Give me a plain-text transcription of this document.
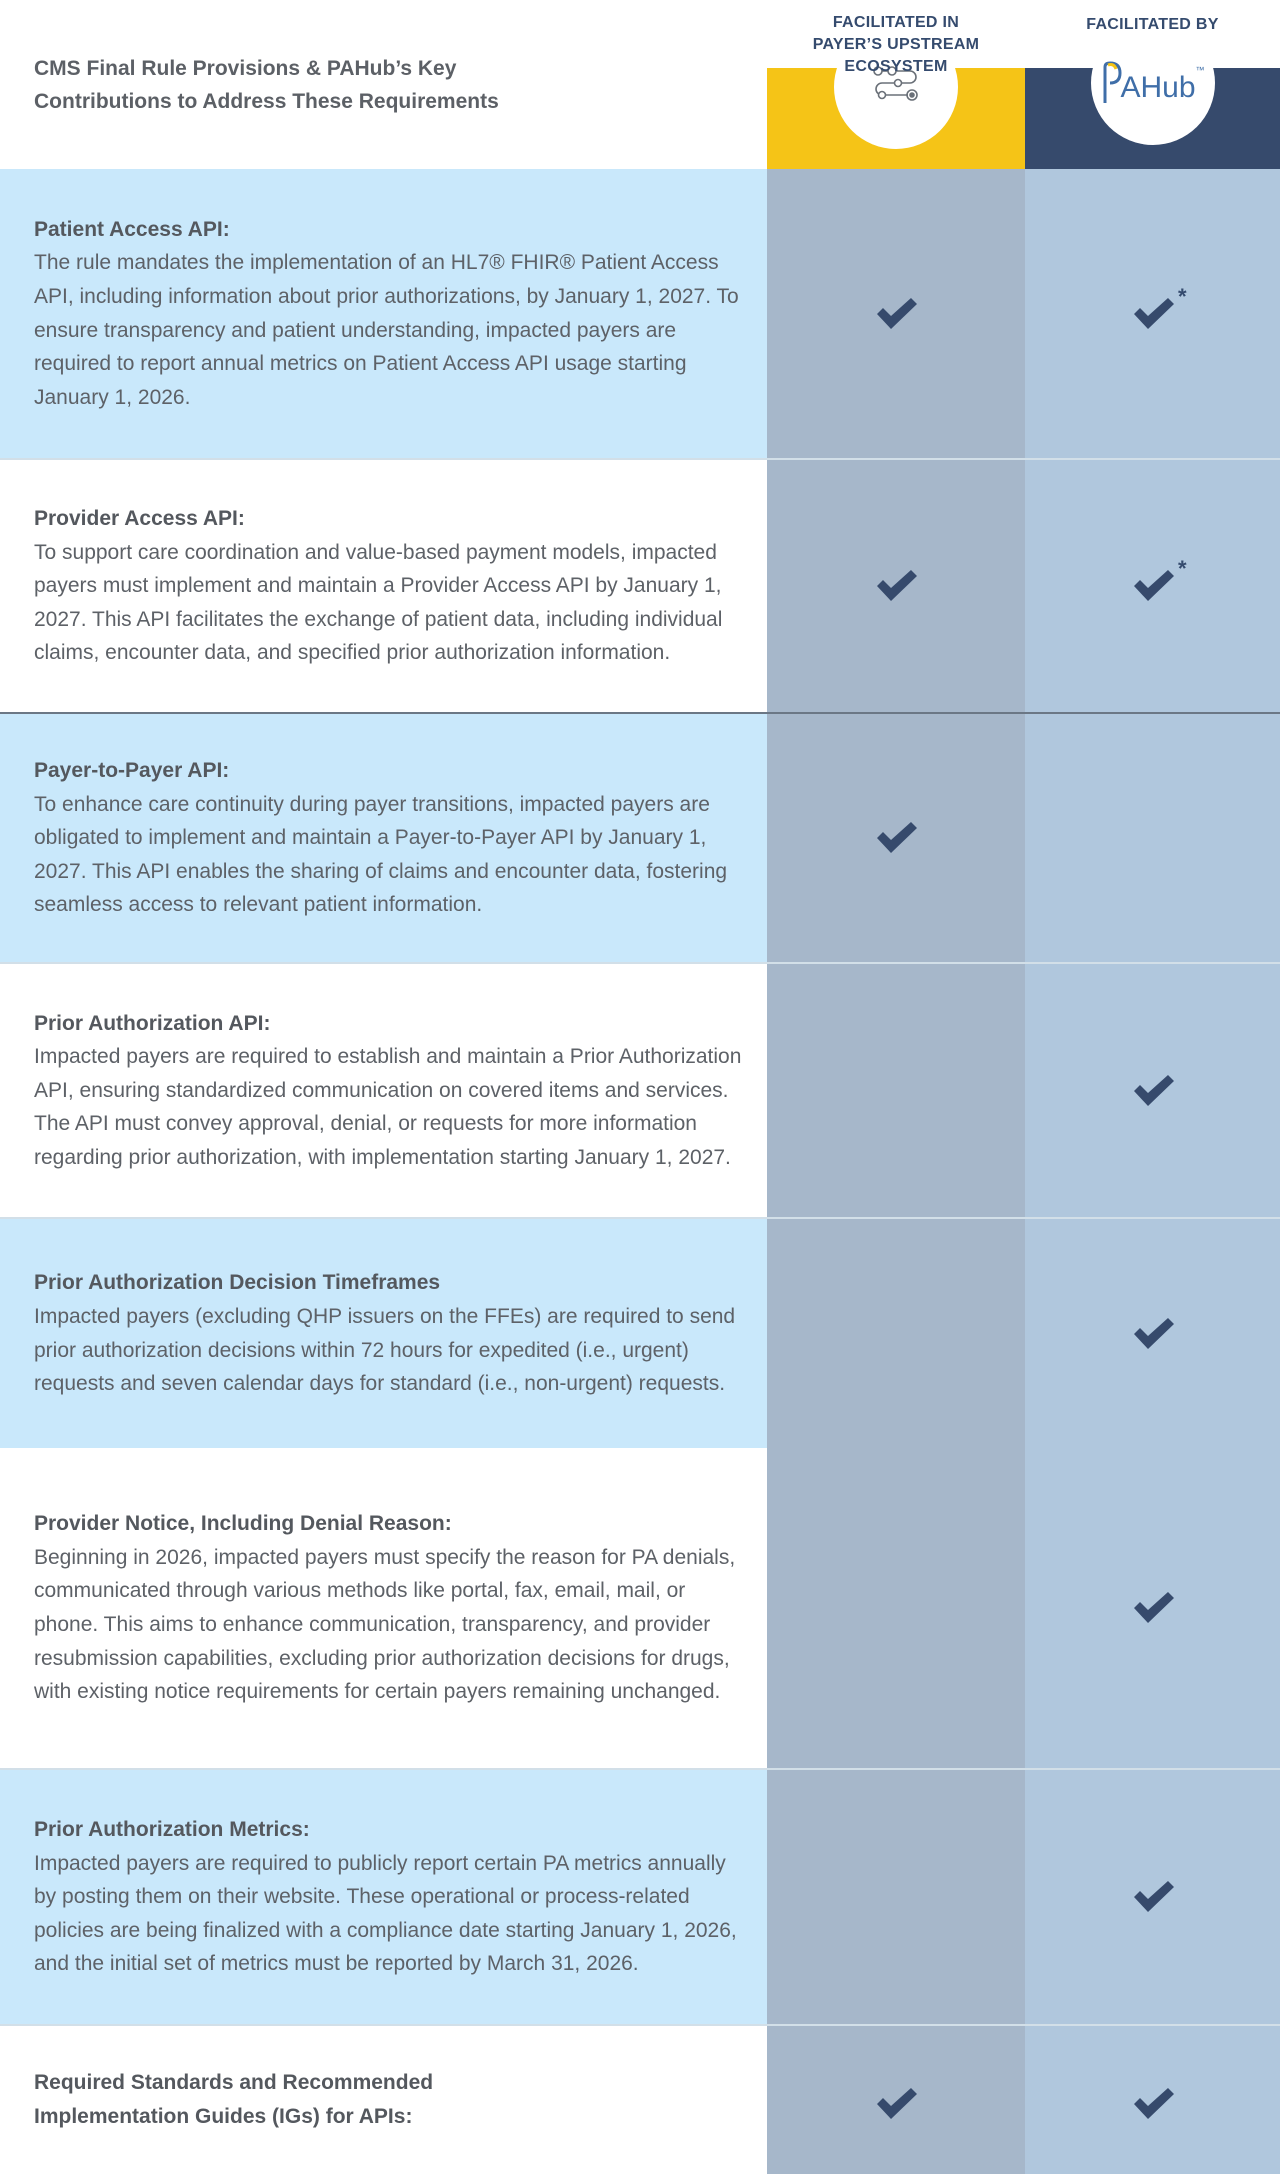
CMS Final Rule Provisions & PAHub’s Key
Contributions to Address These Requirements
FACILITATED IN
PAYER’S UPSTREAM
ECOSYSTEM
FACILITATED BY
AHub
™
Patient Access API:
The rule mandates the implementation of an HL7® FHIR® Patient Access API, including information about prior authorizations, by January 1, 2027. To ensure transparency and patient understanding, impacted payers are required to report annual metrics on Patient Access API usage starting January 1, 2026.
*
Provider Access API:
To support care coordination and value-based payment models, impacted payers must implement and maintain a Provider Access API by January 1, 2027. This API facilitates the exchange of patient data, including individual claims, encounter data, and specified prior authorization information.
*
Payer-to-Payer API:
To enhance care continuity during payer transitions, impacted payers are obligated to implement and maintain a Payer-to-Payer API by January 1, 2027. This API enables the sharing of claims and encounter data, fostering seamless access to relevant patient information.
Prior Authorization API:
Impacted payers are required to establish and maintain a Prior Authorization API, ensuring standardized communication on covered items and services. The API must convey approval, denial, or requests for more information regarding prior authorization, with implementation starting January 1, 2027.
Prior Authorization Decision Timeframes
Impacted payers (excluding QHP issuers on the FFEs) are required to send prior authorization decisions within 72 hours for expedited (i.e., urgent) requests and seven calendar days for standard (i.e., non-urgent) requests.
Provider Notice, Including Denial Reason:
Beginning in 2026, impacted payers must specify the reason for PA denials, communicated through various methods like portal, fax, email, mail, or phone. This aims to enhance communication, transparency, and provider resubmission capabilities, excluding prior authorization decisions for drugs, with existing notice requirements for certain payers remaining unchanged.
Prior Authorization Metrics:
Impacted payers are required to publicly report certain PA metrics annually by posting them on their website. These operational or process-related policies are being finalized with a compliance date starting January 1, 2026, and the initial set of metrics must be reported by March 31, 2026.
Required Standards and Recommended Implementation Guides (IGs) for APIs:
